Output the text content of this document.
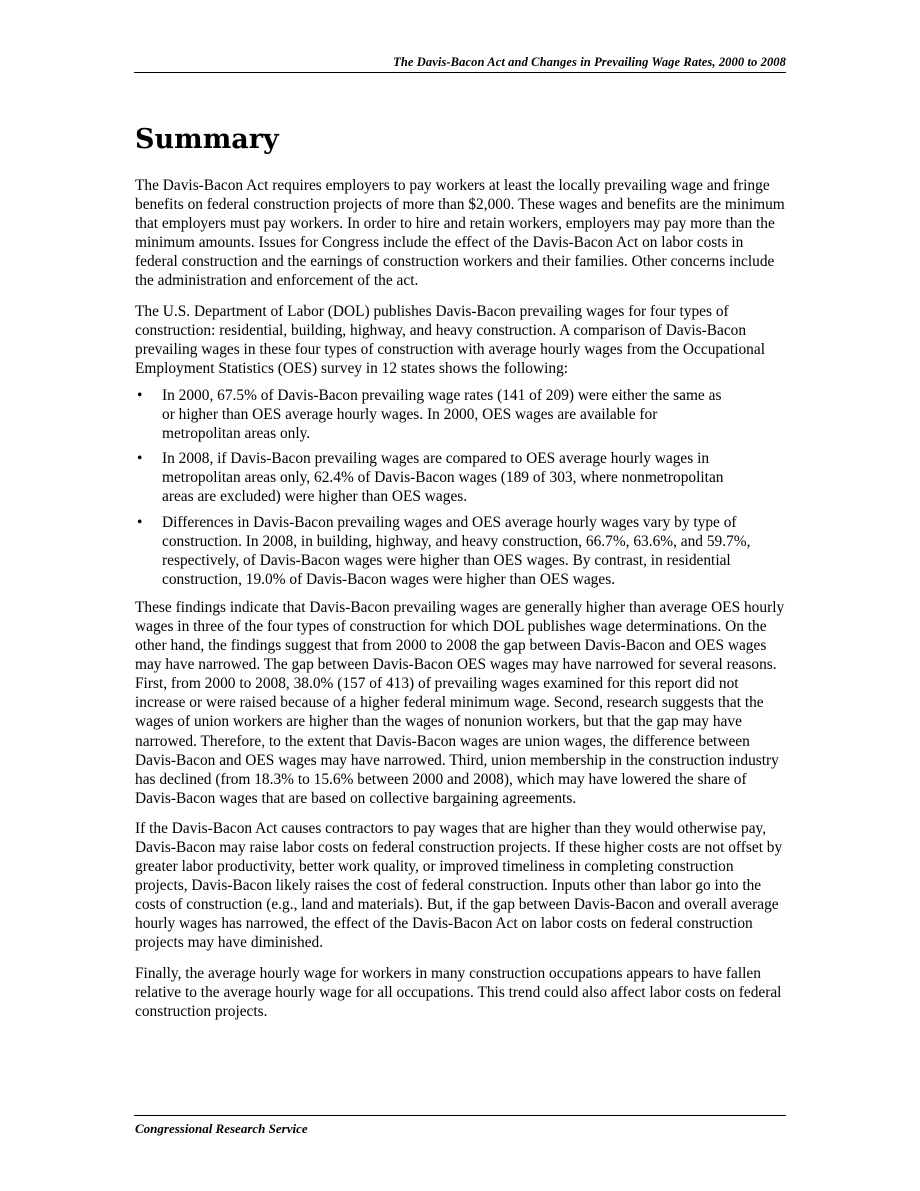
The Davis-Bacon Act and Changes in Prevailing Wage Rates, 2000 to 2008
Summary

The Davis-Bacon Act requires employers to pay workers at least the locally prevailing wage and fringe benefits on federal construction projects of more than $2,000. These wages and benefits are the minimum that employers must pay workers. In order to hire and retain workers, employers may pay more than the minimum amounts. Issues for Congress include the effect of the Davis-Bacon Act on labor costs in federal construction and the earnings of construction workers and their families. Other concerns include the administration and enforcement of the act.

The U.S. Department of Labor (DOL) publishes Davis-Bacon prevailing wages for four types of construction: residential, building, highway, and heavy construction. A comparison of Davis-Bacon prevailing wages in these four types of construction with average hourly wages from the Occupational Employment Statistics (OES) survey in 12 states shows the following:

• In 2000, 67.5% of Davis-Bacon prevailing wage rates (141 of 209) were either the same as or higher than OES average hourly wages. In 2000, OES wages are available for metropolitan areas only.
• In 2008, if Davis-Bacon prevailing wages are compared to OES average hourly wages in metropolitan areas only, 62.4% of Davis-Bacon wages (189 of 303, where nonmetropolitan areas are excluded) were higher than OES wages.
• Differences in Davis-Bacon prevailing wages and OES average hourly wages vary by type of construction. In 2008, in building, highway, and heavy construction, 66.7%, 63.6%, and 59.7%, respectively, of Davis-Bacon wages were higher than OES wages. By contrast, in residential construction, 19.0% of Davis-Bacon wages were higher than OES wages.

These findings indicate that Davis-Bacon prevailing wages are generally higher than average OES hourly wages in three of the four types of construction for which DOL publishes wage determinations. On the other hand, the findings suggest that from 2000 to 2008 the gap between Davis-Bacon and OES wages may have narrowed. The gap between Davis-Bacon OES wages may have narrowed for several reasons. First, from 2000 to 2008, 38.0% (157 of 413) of prevailing wages examined for this report did not increase or were raised because of a higher federal minimum wage. Second, research suggests that the wages of union workers are higher than the wages of nonunion workers, but that the gap may have narrowed. Therefore, to the extent that Davis-Bacon wages are union wages, the difference between Davis-Bacon and OES wages may have narrowed. Third, union membership in the construction industry has declined (from 18.3% to 15.6% between 2000 and 2008), which may have lowered the share of Davis-Bacon wages that are based on collective bargaining agreements.

If the Davis-Bacon Act causes contractors to pay wages that are higher than they would otherwise pay, Davis-Bacon may raise labor costs on federal construction projects. If these higher costs are not offset by greater labor productivity, better work quality, or improved timeliness in completing construction projects, Davis-Bacon likely raises the cost of federal construction. Inputs other than labor go into the costs of construction (e.g., land and materials). But, if the gap between Davis-Bacon and overall average hourly wages has narrowed, the effect of the Davis-Bacon Act on labor costs on federal construction projects may have diminished.

Finally, the average hourly wage for workers in many construction occupations appears to have fallen relative to the average hourly wage for all occupations. This trend could also affect labor costs on federal construction projects.

Congressional Research Service
